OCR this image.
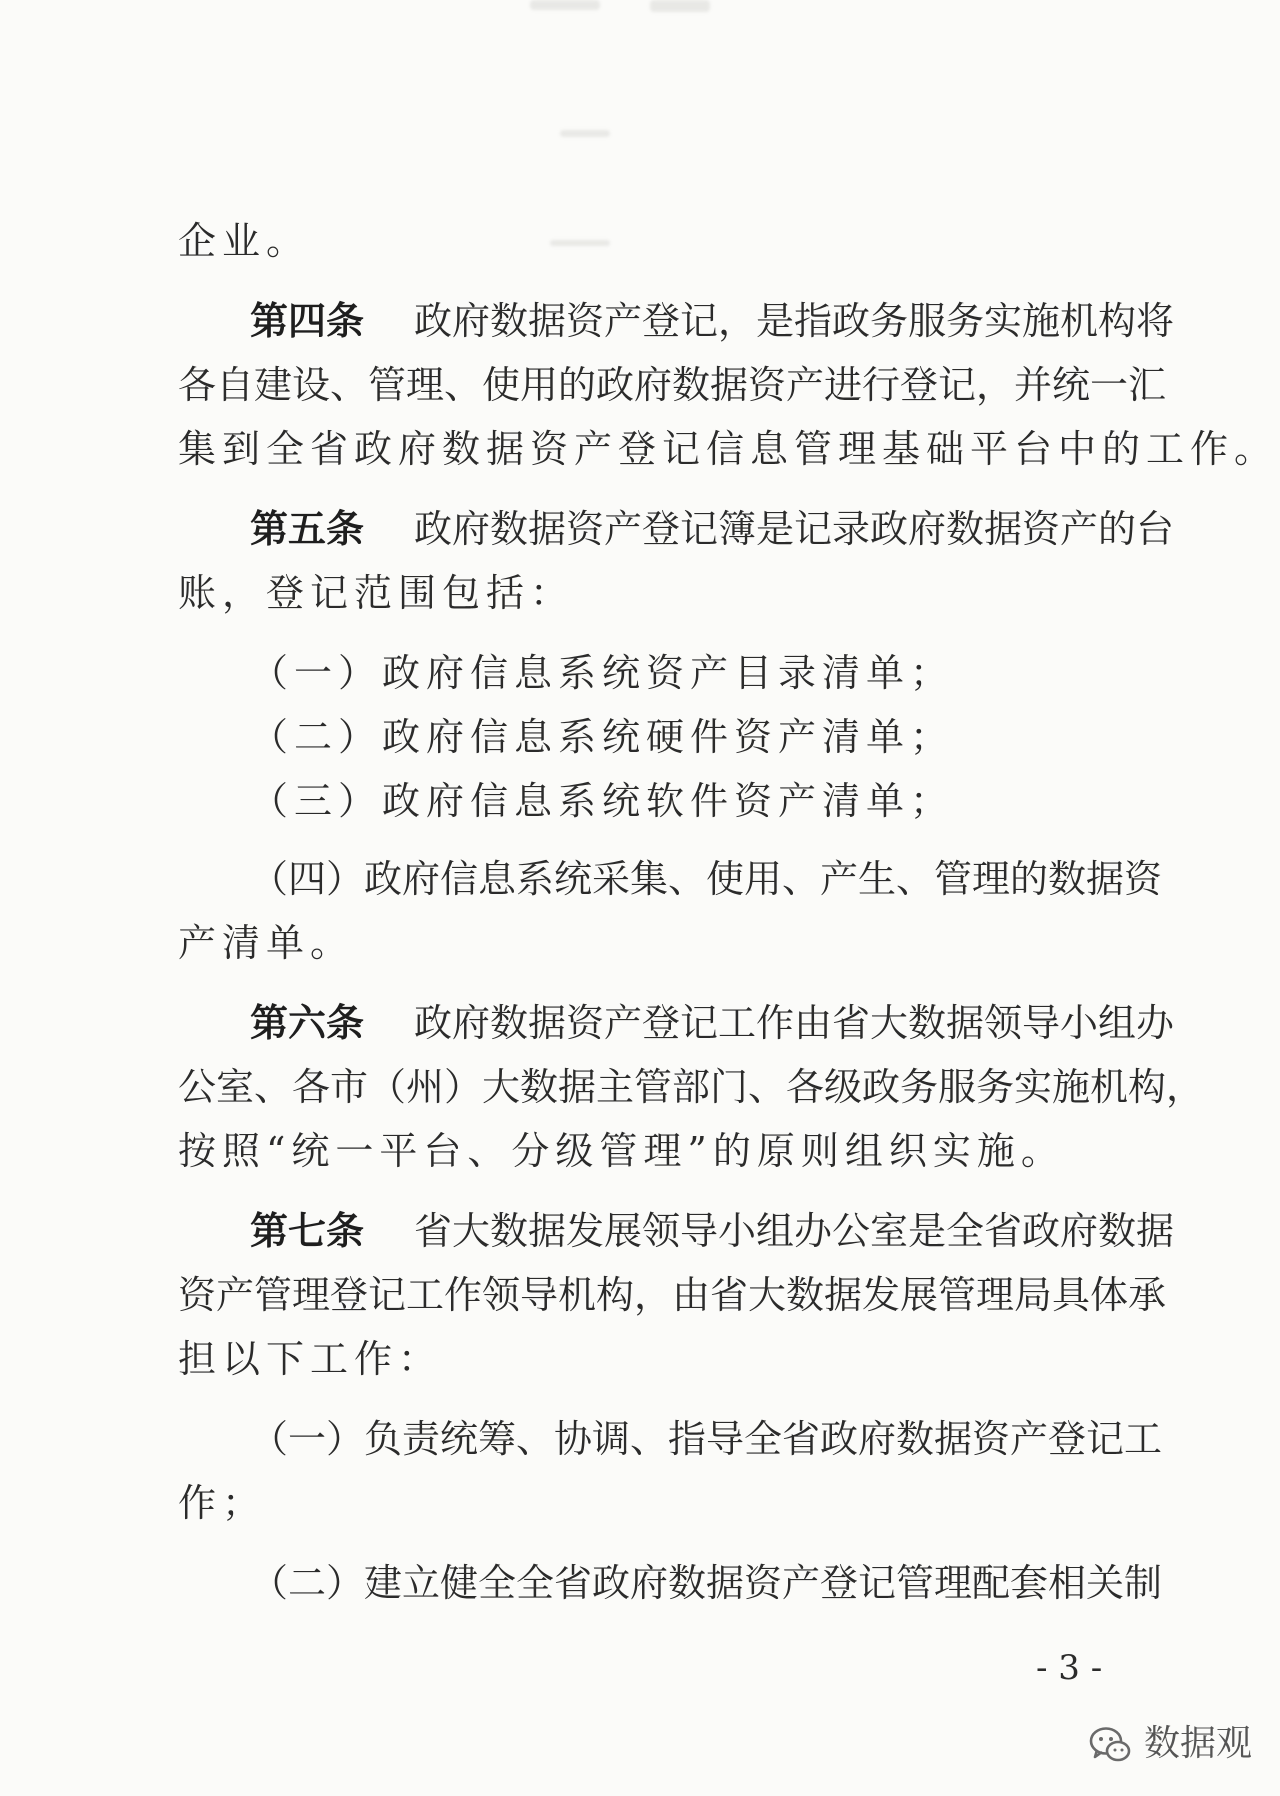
企业。
第四条 政府数据资产登记，是指政务服务实施机构将
各自建设、管理、使用的政府数据资产进行登记，并统一汇
集到全省政府数据资产登记信息管理基础平台中的工作。
第五条 政府数据资产登记簿是记录政府数据资产的台
账，登记范围包括：
（一）政府信息系统资产目录清单；
（二）政府信息系统硬件资产清单；
（三）政府信息系统软件资产清单；
（四）政府信息系统采集、使用、产生、管理的数据资
产清单。
第六条 政府数据资产登记工作由省大数据领导小组办
公室、各市（州）大数据主管部门、各级政务服务实施机构，
按照“统一平台、分级管理”的原则组织实施。
第七条 省大数据发展领导小组办公室是全省政府数据
资产管理登记工作领导机构，由省大数据发展管理局具体承
担以下工作：
（一）负责统筹、协调、指导全省政府数据资产登记工
作；
（二）建立健全全省政府数据资产登记管理配套相关制
- 3 -
数据观
